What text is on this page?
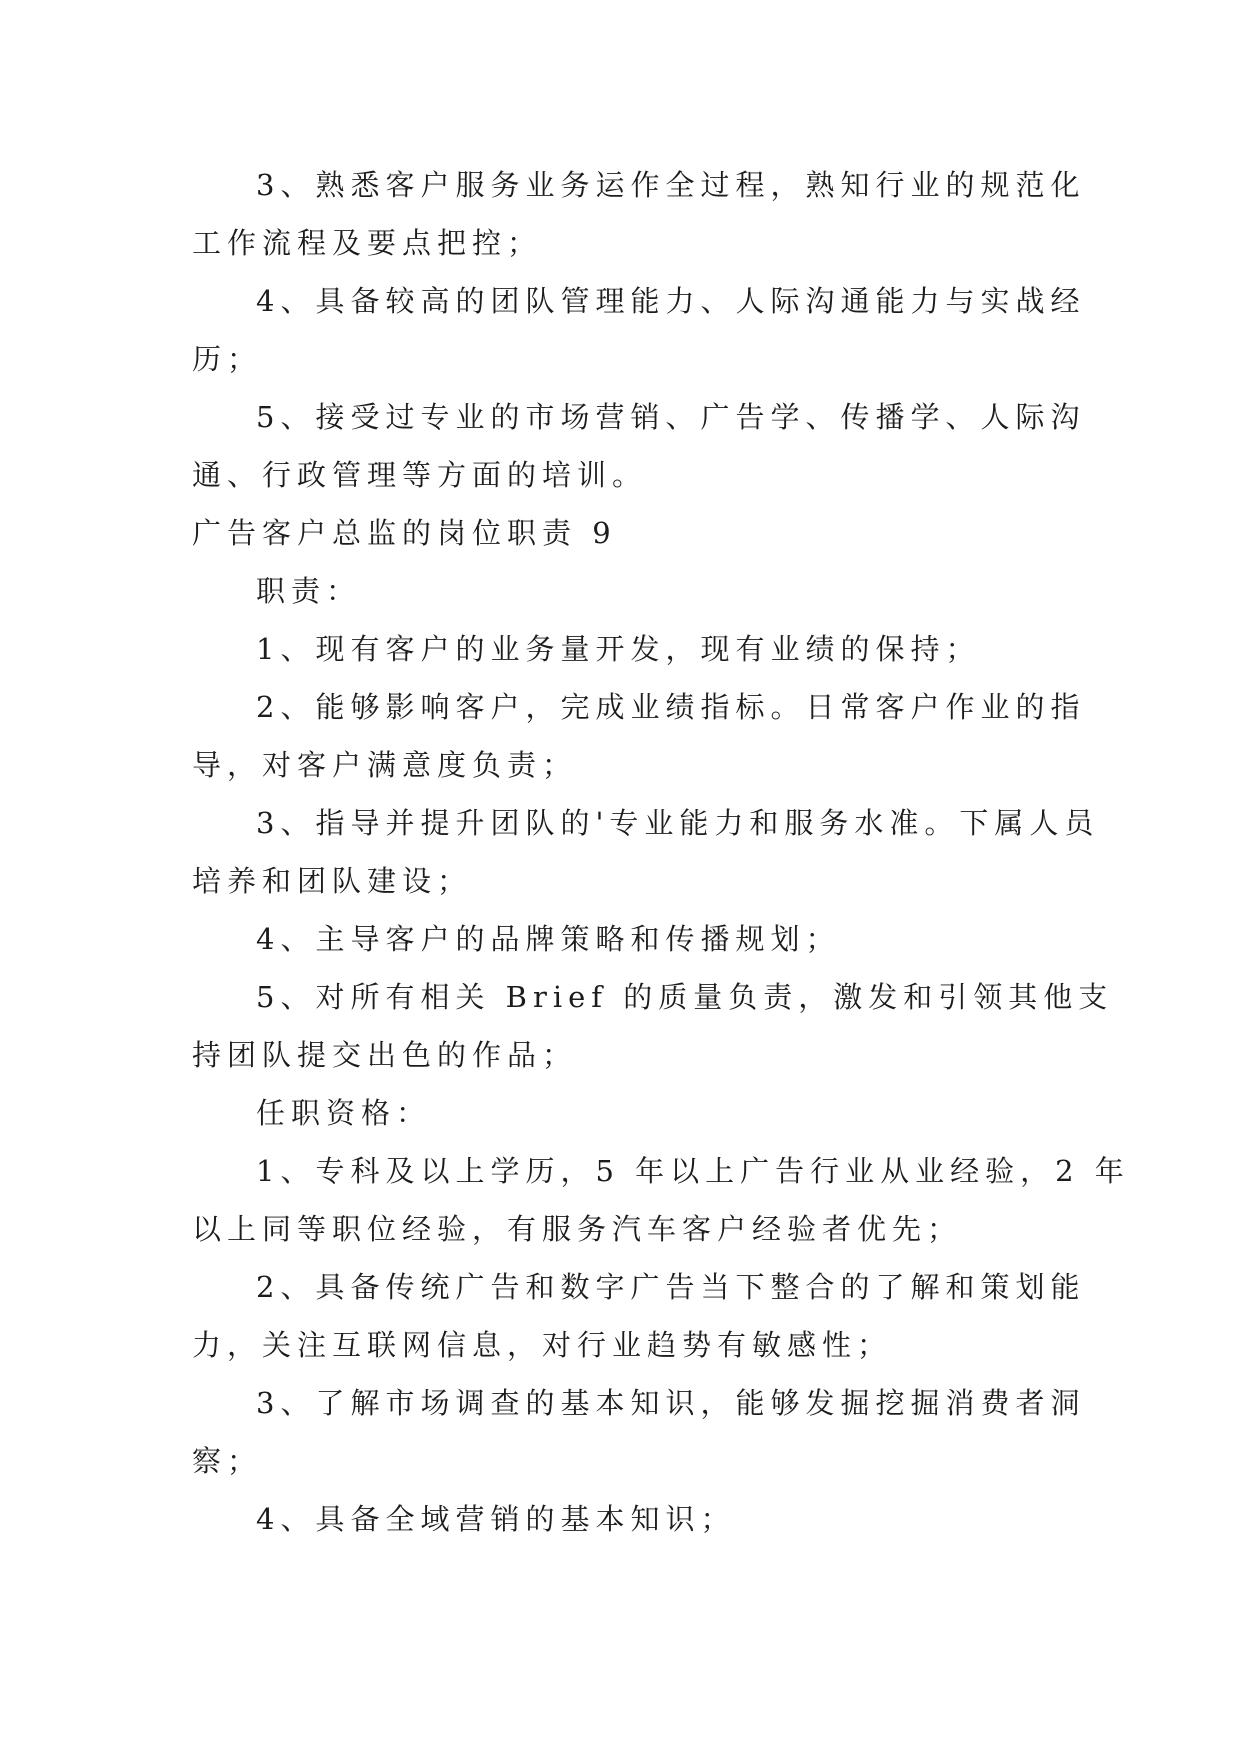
3、熟悉客户服务业务运作全过程，熟知行业的规范化
工作流程及要点把控；
4、具备较高的团队管理能力、人际沟通能力与实战经
历；
5、接受过专业的市场营销、广告学、传播学、人际沟
通、行政管理等方面的培训。
广告客户总监的岗位职责 9
职责：
1、现有客户的业务量开发，现有业绩的保持；
2、能够影响客户，完成业绩指标。日常客户作业的指
导，对客户满意度负责；
3、指导并提升团队的'专业能力和服务水准。下属人员
培养和团队建设；
4、主导客户的品牌策略和传播规划；
5、对所有相关 Brief 的质量负责，激发和引领其他支
持团队提交出色的作品；
任职资格：
1、专科及以上学历，5 年以上广告行业从业经验，2 年
以上同等职位经验，有服务汽车客户经验者优先；
2、具备传统广告和数字广告当下整合的了解和策划能
力，关注互联网信息，对行业趋势有敏感性；
3、了解市场调查的基本知识，能够发掘挖掘消费者洞
察；
4、具备全域营销的基本知识；
